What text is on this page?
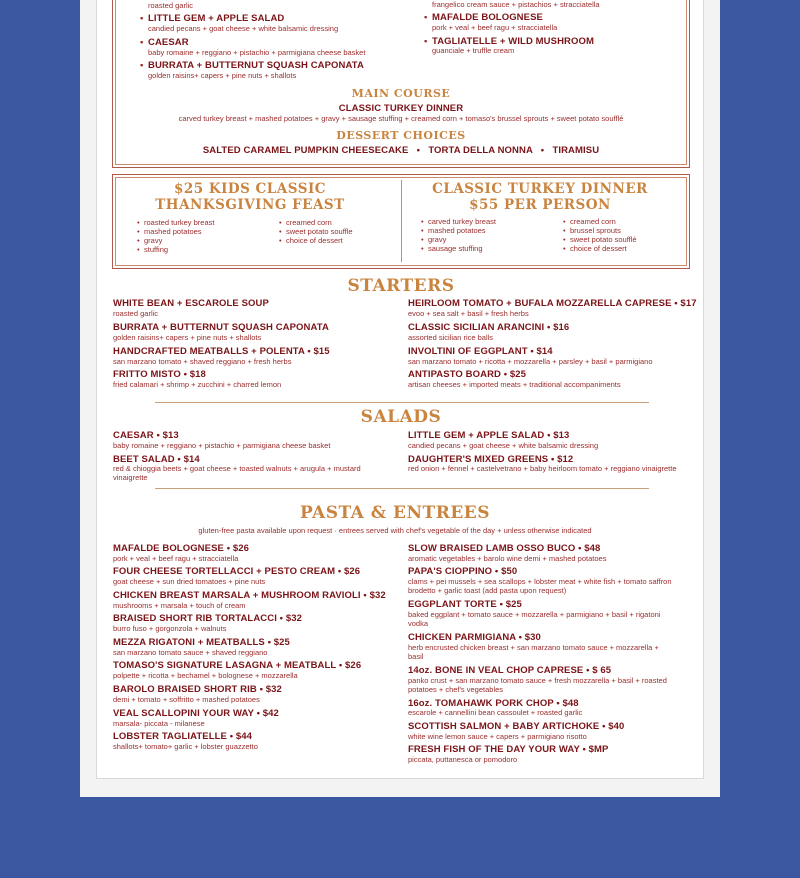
roasted garlic
• LITTLE GEM + APPLE SALAD
candied pecans + goat cheese + white balsamic dressing
• CAESAR
baby romaine + reggiano + pistachio + parmigiana cheese basket
• BURRATA + BUTTERNUT SQUASH CAPONATA
golden raisins+ capers + pine nuts + shallots
frangelico cream sauce + pistachios + stracciatella
• MAFALDE BOLOGNESE
pork + veal + beef ragu + stracciatella
• TAGLIATELLE + WILD MUSHROOM
guanciale + truffle cream
MAIN COURSE
CLASSIC TURKEY DINNER
carved turkey breast + mashed potatoes + gravy + sausage stuffing + creamed corn + tomaso's brussel sprouts + sweet potato soufflé
DESSERT CHOICES
SALTED CARAMEL PUMPKIN CHEESECAKE   •   TORTA DELLA NONNA   •   TIRAMISU
$25 KIDS CLASSIC
THANKSGIVING FEAST
• roasted turkey breast
• mashed potatoes
• gravy
• stuffing
• creamed corn
• sweet potato souffle
• choice of dessert
CLASSIC TURKEY DINNER
$55 PER PERSON
• carved turkey breast
• mashed potatoes
• gravy
• sausage stuffing
• creamed corn
• brussel sprouts
• sweet potato soufflé
• choice of dessert
STARTERS
WHITE BEAN + ESCAROLE SOUP
roasted garlic
BURRATA + BUTTERNUT SQUASH CAPONATA
golden raisins+ capers + pine nuts + shallots
HANDCRAFTED MEATBALLS + POLENTA • $15
san marzano tomato + shaved reggiano + fresh herbs
FRITTO MISTO • $18
fried calamari + shrimp + zucchini + charred lemon
HEIRLOOM TOMATO + BUFALA MOZZARELLA CAPRESE • $17
evoo + sea salt + basil + fresh herbs
CLASSIC SICILIAN ARANCINI • $16
assorted sicilian rice balls
INVOLTINI OF EGGPLANT • $14
san marzano tomato + ricotta + mozzarella + parsley + basil + parmigiano
ANTIPASTO BOARD • $25
artisan cheeses + imported meats + traditional accompaniments
SALADS
CAESAR • $13
baby romaine + reggiano + pistachio + parmigiana cheese basket
BEET SALAD • $14
red & chioggia beets + goat cheese + toasted walnuts + arugula + mustard vinaigrette
LITTLE GEM + APPLE SALAD • $13
candied pecans + goat cheese + white balsamic dressing
DAUGHTER'S MIXED GREENS • $12
red onion + fennel + castelvetrano + baby heirloom tomato + reggiano vinaigrette
PASTA & ENTREES
gluten-free pasta available upon request · entrees served with chef's vegetable of the day + unless otherwise indicated
MAFALDE BOLOGNESE • $26
pork + veal + beef ragu + stracciatella
FOUR CHEESE TORTELLACCI + PESTO CREAM • $26
goat cheese + sun dried tomatoes + pine nuts
CHICKEN BREAST MARSALA + MUSHROOM RAVIOLI • $32
mushrooms + marsala + touch of cream
BRAISED SHORT RIB TORTALACCI • $32
burro fuso + gorgonzola + walnuts
MEZZA RIGATONI + MEATBALLS • $25
san marzano tomato sauce + shaved reggiano
TOMASO'S SIGNATURE LASAGNA + MEATBALL • $26
polpette + ricotta + bechamel + bolognese + mozzarella
BAROLO BRAISED SHORT RIB • $32
demi + tomato + soffritto + mashed potatoes
VEAL SCALLOPINI YOUR WAY • $42
marsala- piccata - milanese
LOBSTER TAGLIATELLE • $44
shallots+ tomato+ garlic + lobster guazzetto
SLOW BRAISED LAMB OSSO BUCO • $48
aromatic vegetables + barolo wine demi + mashed potatoes
PAPA'S CIOPPINO • $50
clams + pei mussels + sea scallops + lobster meat + white fish + tomato saffron brodetto + garlic toast (add pasta upon request)
EGGPLANT TORTE • $25
baked eggplant + tomato sauce + mozzarella + parmigiano + basil + rigatoni vodka
CHICKEN PARMIGIANA • $30
herb encrusted chicken breast + san marzano tomato sauce + mozzarella + basil
14oz. BONE IN VEAL CHOP CAPRESE • $ 65
panko crust + san marzano tomato sauce + fresh mozzarella + basil + roasted potatoes + chef's vegetables
16oz. TOMAHAWK PORK CHOP • $48
escarole + cannellini bean cassoulet + roasted garlic
SCOTTISH SALMON + BABY ARTICHOKE • $40
white wine lemon sauce + capers + parmigiano risotto
FRESH FISH OF THE DAY YOUR WAY • $MP
piccata, puttanesca or pomodoro
